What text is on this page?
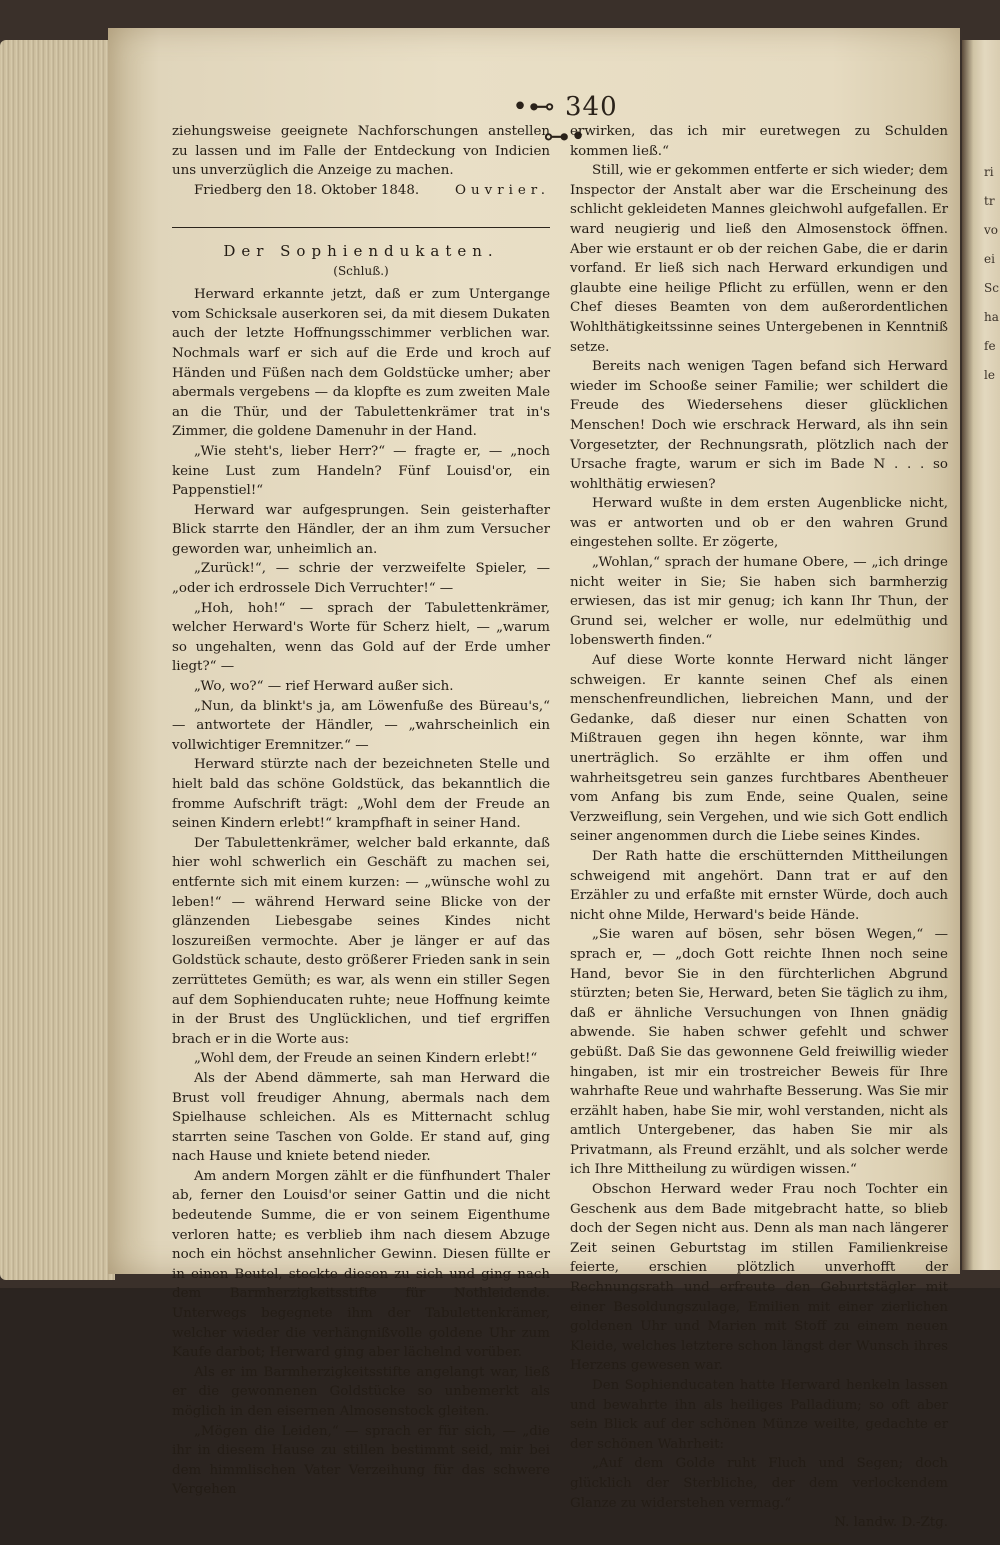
ri
tr
vo
ei
Sc
ha
fe
le
•⊷ 340 ⊶•

ziehungsweise geeignete Nachforschungen anstellen zu lassen und im Falle der Entdeckung von Indicien uns unverzüglich die Anzeige zu machen.

Friedberg den 18. Oktober 1848.	Ouvrier.

Der Sophiendukaten.

(Schluß.)

Herward erkannte jetzt, daß er zum Untergange vom Schicksale auserkoren sei, da mit diesem Dukaten auch der letzte Hoffnungsschimmer verblichen war. Nochmals warf er sich auf die Erde und kroch auf Händen und Füßen nach dem Goldstücke umher; aber abermals vergebens — da klopfte es zum zweiten Male an die Thür, und der Tabulettenkrämer trat in's Zimmer, die goldene Damenuhr in der Hand.

„Wie steht's, lieber Herr?“ — fragte er, — „noch keine Lust zum Handeln? Fünf Louisd'or, ein Pappenstiel!“

Herward war aufgesprungen. Sein geisterhafter Blick starrte den Händler, der an ihm zum Versucher geworden war, unheimlich an.

„Zurück!“, — schrie der verzweifelte Spieler, — „oder ich erdrossele Dich Verruchter!“ —

„Hoh, hoh!“ — sprach der Tabulettenkrämer, welcher Herward's Worte für Scherz hielt, — „warum so ungehalten, wenn das Gold auf der Erde umher liegt?“ —

„Wo, wo?“ — rief Herward außer sich.

„Nun, da blinkt's ja, am Löwenfuße des Büreau's,“ — antwortete der Händler, — „wahrscheinlich ein vollwichtiger Eremnitzer.“ —

Herward stürzte nach der bezeichneten Stelle und hielt bald das schöne Goldstück, das bekanntlich die fromme Aufschrift trägt: „Wohl dem der Freude an seinen Kindern erlebt!“ krampfhaft in seiner Hand.

Der Tabulettenkrämer, welcher bald erkannte, daß hier wohl schwerlich ein Geschäft zu machen sei, entfernte sich mit einem kurzen: — „wünsche wohl zu leben!“ — während Herward seine Blicke von der glänzenden Liebesgabe seines Kindes nicht loszureißen vermochte. Aber je länger er auf das Goldstück schaute, desto größerer Frieden sank in sein zerrüttetes Gemüth; es war, als wenn ein stiller Segen auf dem Sophienducaten ruhte; neue Hoffnung keimte in der Brust des Unglücklichen, und tief ergriffen brach er in die Worte aus:

„Wohl dem, der Freude an seinen Kindern erlebt!“

Als der Abend dämmerte, sah man Herward die Brust voll freudiger Ahnung, abermals nach dem Spielhause schleichen. Als es Mitternacht schlug starrten seine Taschen von Golde. Er stand auf, ging nach Hause und kniete betend nieder.

Am andern Morgen zählt er die fünfhundert Thaler ab, ferner den Louisd'or seiner Gattin und die nicht bedeutende Summe, die er von seinem Eigenthume verloren hatte; es verblieb ihm nach diesem Abzuge noch ein höchst ansehnlicher Gewinn. Diesen füllte er in einen Beutel, steckte diesen zu sich und ging nach dem Barmherzigkeitsstifte für Nothleidende. Unterwegs begegnete ihm der Tabulettenkrämer, welcher wieder die verhängnißvolle goldene Uhr zum Kaufe darbot; Herward ging aber lächelnd vorüber.

Als er im Barmherzigkeitsstifte angelangt war, ließ er die gewonnenen Goldstücke so unbemerkt als möglich in den eisernen Almosenstock gleiten.

„Mögen die Leiden,“ — sprach er für sich, — „die ihr in diesem Hause zu stillen bestimmt seid, mir bei dem himmlischen Vater Verzeihung für das schwere Vergehen

erwirken, das ich mir euretwegen zu Schulden kommen ließ.“

Still, wie er gekommen entferte er sich wieder; dem Inspector der Anstalt aber war die Erscheinung des schlicht gekleideten Mannes gleichwohl aufgefallen. Er ward neugierig und ließ den Almosenstock öffnen. Aber wie erstaunt er ob der reichen Gabe, die er darin vorfand. Er ließ sich nach Herward erkundigen und glaubte eine heilige Pflicht zu erfüllen, wenn er den Chef dieses Beamten von dem außerordentlichen Wohlthätigkeitssinne seines Untergebenen in Kenntniß setze.

Bereits nach wenigen Tagen befand sich Herward wieder im Schooße seiner Familie; wer schildert die Freude des Wiedersehens dieser glücklichen Menschen! Doch wie erschrack Herward, als ihn sein Vorgesetzter, der Rechnungsrath, plötzlich nach der Ursache fragte, warum er sich im Bade N . . . so wohlthätig erwiesen?

Herward wußte in dem ersten Augenblicke nicht, was er antworten und ob er den wahren Grund eingestehen sollte. Er zögerte,

„Wohlan,“ sprach der humane Obere, — „ich dringe nicht weiter in Sie; Sie haben sich barmherzig erwiesen, das ist mir genug; ich kann Ihr Thun, der Grund sei, welcher er wolle, nur edelmüthig und lobenswerth finden.“

Auf diese Worte konnte Herward nicht länger schweigen. Er kannte seinen Chef als einen menschenfreundlichen, liebreichen Mann, und der Gedanke, daß dieser nur einen Schatten von Mißtrauen gegen ihn hegen könnte, war ihm unerträglich. So erzählte er ihm offen und wahrheitsgetreu sein ganzes furchtbares Abentheuer vom Anfang bis zum Ende, seine Qualen, seine Verzweiflung, sein Vergehen, und wie sich Gott endlich seiner angenommen durch die Liebe seines Kindes.

Der Rath hatte die erschütternden Mittheilungen schweigend mit angehört. Dann trat er auf den Erzähler zu und erfaßte mit ernster Würde, doch auch nicht ohne Milde, Herward's beide Hände.

„Sie waren auf bösen, sehr bösen Wegen,“ — sprach er, — „doch Gott reichte Ihnen noch seine Hand, bevor Sie in den fürchterlichen Abgrund stürzten; beten Sie, Herward, beten Sie täglich zu ihm, daß er ähnliche Versuchungen von Ihnen gnädig abwende. Sie haben schwer gefehlt und schwer gebüßt. Daß Sie das gewonnene Geld freiwillig wieder hingaben, ist mir ein trostreicher Beweis für Ihre wahrhafte Reue und wahrhafte Besserung. Was Sie mir erzählt haben, habe Sie mir, wohl verstanden, nicht als amtlich Untergebener, das haben Sie mir als Privatmann, als Freund erzählt, und als solcher werde ich Ihre Mittheilung zu würdigen wissen.“

Obschon Herward weder Frau noch Tochter ein Geschenk aus dem Bade mitgebracht hatte, so blieb doch der Segen nicht aus. Denn als man nach längerer Zeit seinen Geburtstag im stillen Familienkreise feierte, erschien plötzlich unverhofft der Rechnungsrath und erfreute den Geburtstägler mit einer Besoldungszulage, Emilien mit einer zierlichen goldenen Uhr und Marien mit Stoff zu einem neuen Kleide, welches letztere schon längst der Wunsch ihres Herzens gewesen war.

Den Sophienducaten hatte Herward henkeln lassen und bewahrte ihn als heiliges Palladium; so oft aber sein Blick auf der schönen Münze weilte, gedachte er der schönen Wahrheit:

„Auf dem Golde ruht Fluch und Segen; doch glücklich der Sterbliche, der dem verlockendem Glanze zu widerstehen vermag.“

N. landw. D.-Ztg.
